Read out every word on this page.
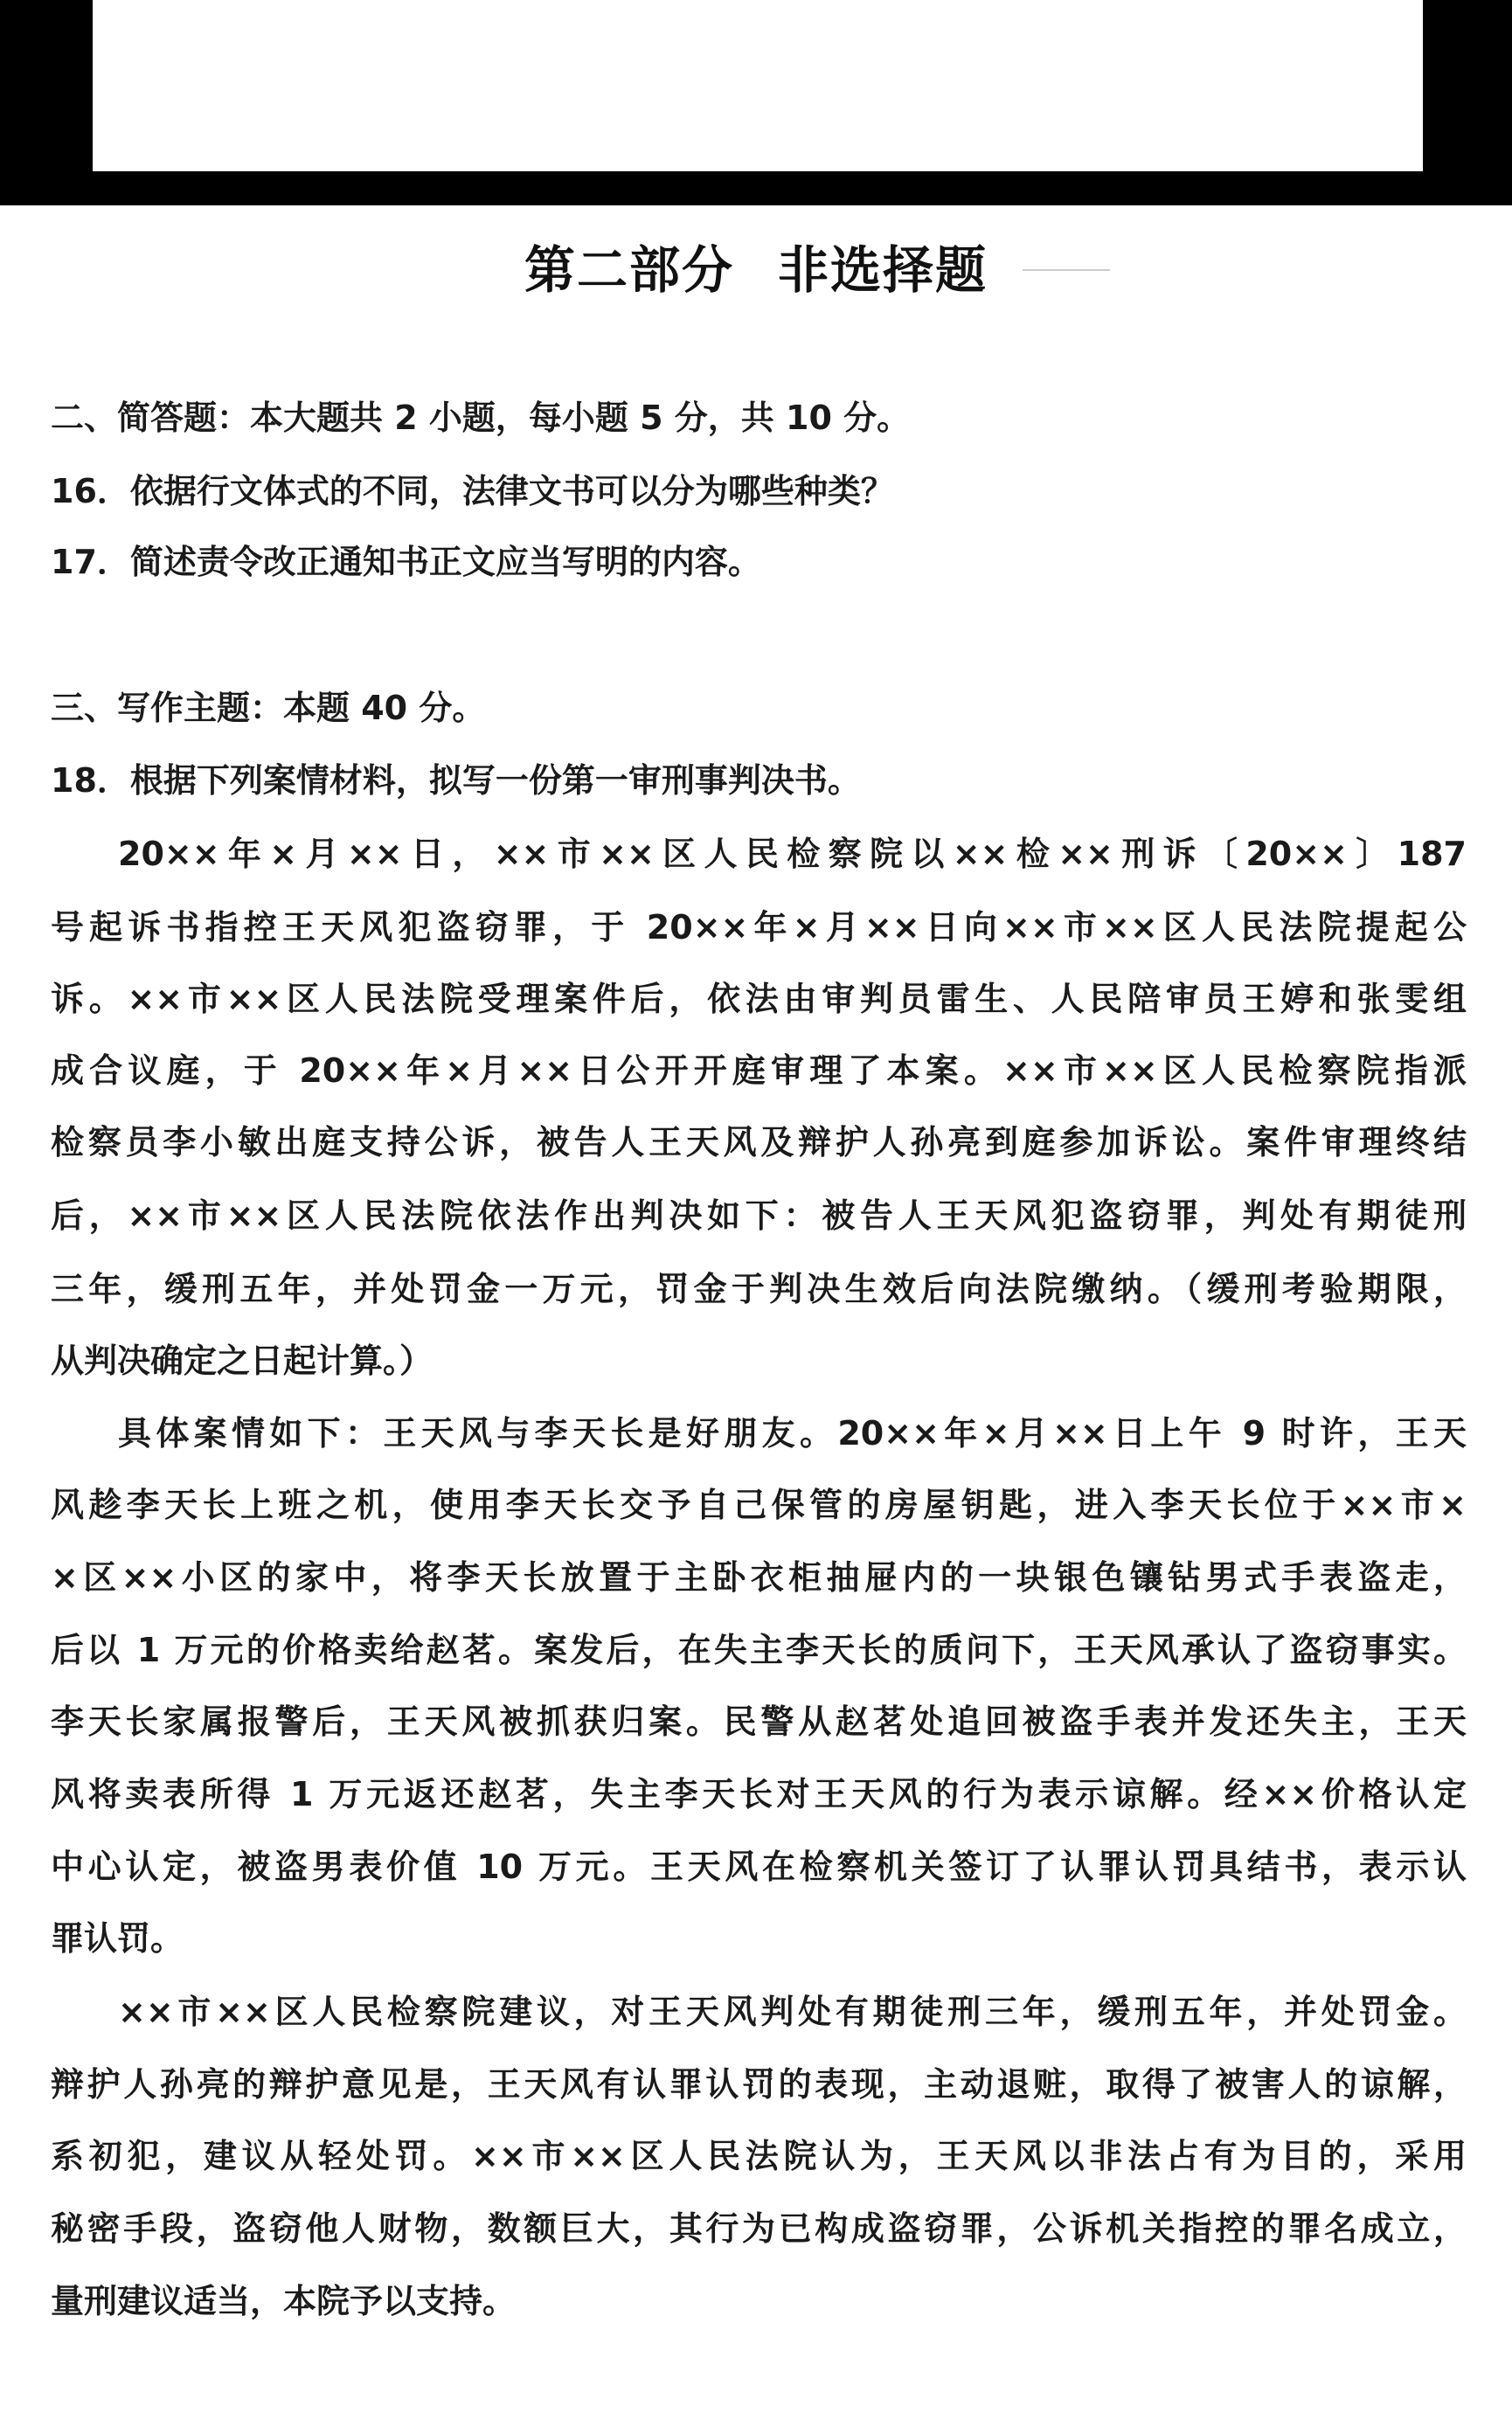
第二部分 非选择题
二、简答题：本大题共 2 小题，每小题 5 分，共 10 分。
16．依据行文体式的不同，法律文书可以分为哪些种类？
17．简述责令改正通知书正文应当写明的内容。
三、写作主题：本题 40 分。
18．根据下列案情材料，拟写一份第一审刑事判决书。
20××年×月××日，××市××区人民检察院以××检××刑诉〔20××〕187
号起诉书指控王天风犯盗窃罪，于 20××年×月××日向××市××区人民法院提起公
诉。××市××区人民法院受理案件后，依法由审判员雷生、人民陪审员王婷和张雯组
成合议庭，于 20××年×月××日公开开庭审理了本案。××市××区人民检察院指派
检察员李小敏出庭支持公诉，被告人王天风及辩护人孙亮到庭参加诉讼。案件审理终结
后，××市××区人民法院依法作出判决如下：被告人王天风犯盗窃罪，判处有期徒刑
三年，缓刑五年，并处罚金一万元，罚金于判决生效后向法院缴纳。（缓刑考验期限，
从判决确定之日起计算。）
具体案情如下：王天风与李天长是好朋友。20××年×月××日上午 9 时许，王天
风趁李天长上班之机，使用李天长交予自己保管的房屋钥匙，进入李天长位于××市×
×区××小区的家中，将李天长放置于主卧衣柜抽屉内的一块银色镶钻男式手表盗走，
后以 1 万元的价格卖给赵茗。案发后，在失主李天长的质问下，王天风承认了盗窃事实。
李天长家属报警后，王天风被抓获归案。民警从赵茗处追回被盗手表并发还失主，王天
风将卖表所得 1 万元返还赵茗，失主李天长对王天风的行为表示谅解。经××价格认定
中心认定，被盗男表价值 10 万元。王天风在检察机关签订了认罪认罚具结书，表示认
罪认罚。
××市××区人民检察院建议，对王天风判处有期徒刑三年，缓刑五年，并处罚金。
辩护人孙亮的辩护意见是，王天风有认罪认罚的表现，主动退赃，取得了被害人的谅解，
系初犯，建议从轻处罚。××市××区人民法院认为，王天风以非法占有为目的，采用
秘密手段，盗窃他人财物，数额巨大，其行为已构成盗窃罪，公诉机关指控的罪名成立，
量刑建议适当，本院予以支持。
